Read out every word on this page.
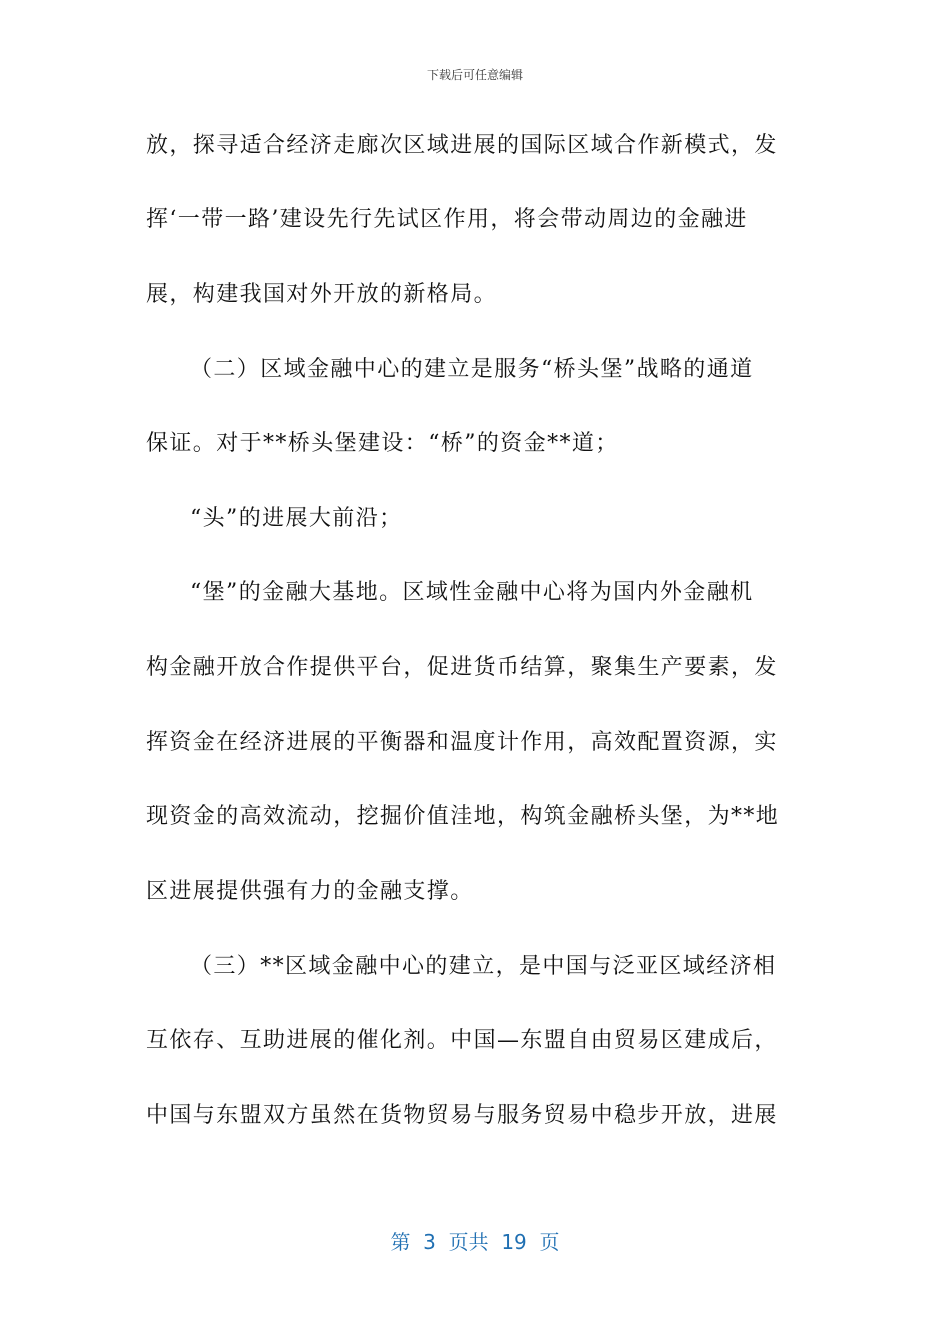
下载后可任意编辑
放，探寻适合经济走廊次区域进展的国际区域合作新模式，发
挥‘一带一路’建设先行先试区作用，将会带动周边的金融进
展，构建我国对外开放的新格局。
（二）区域金融中心的建立是服务“桥头堡”战略的通道
保证。对于**桥头堡建设：“桥”的资金**道；
“头”的进展大前沿；
“堡”的金融大基地。区域性金融中心将为国内外金融机
构金融开放合作提供平台，促进货币结算，聚集生产要素，发
挥资金在经济进展的平衡器和温度计作用，高效配置资源，实
现资金的高效流动，挖掘价值洼地，构筑金融桥头堡，为**地
区进展提供强有力的金融支撑。
（三）**区域金融中心的建立，是中国与泛亚区域经济相
互依存、互助进展的催化剂。中国—东盟自由贸易区建成后，
中国与东盟双方虽然在货物贸易与服务贸易中稳步开放，进展
第  3  页共  19  页
